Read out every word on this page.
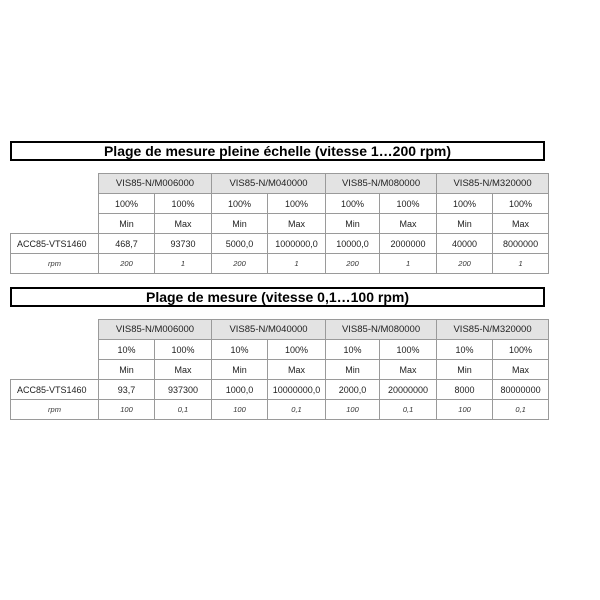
Plage de mesure pleine échelle (vitesse 1…200 rpm)
	VIS85-N/M006000		VIS85-N/M040000		VIS85-N/M080000		VIS85-N/M320000	
	100%	100%	100%	100%	100%	100%	100%	100%
	Min	Max	Min	Max	Min	Max	Min	Max
ACC85-VTS1460	468,7	93730	5000,0	1000000,0	10000,0	2000000	40000	8000000
rpm	200	1	200	1	200	1	200	1
Plage de mesure (vitesse 0,1…100 rpm)
	VIS85-N/M006000		VIS85-N/M040000		VIS85-N/M080000		VIS85-N/M320000	
	10%	100%	10%	100%	10%	100%	10%	100%
	Min	Max	Min	Max	Min	Max	Min	Max
ACC85-VTS1460	93,7	937300	1000,0	10000000,0	2000,0	20000000	8000	80000000
rpm	100	0,1	100	0,1	100	0,1	100	0,1
